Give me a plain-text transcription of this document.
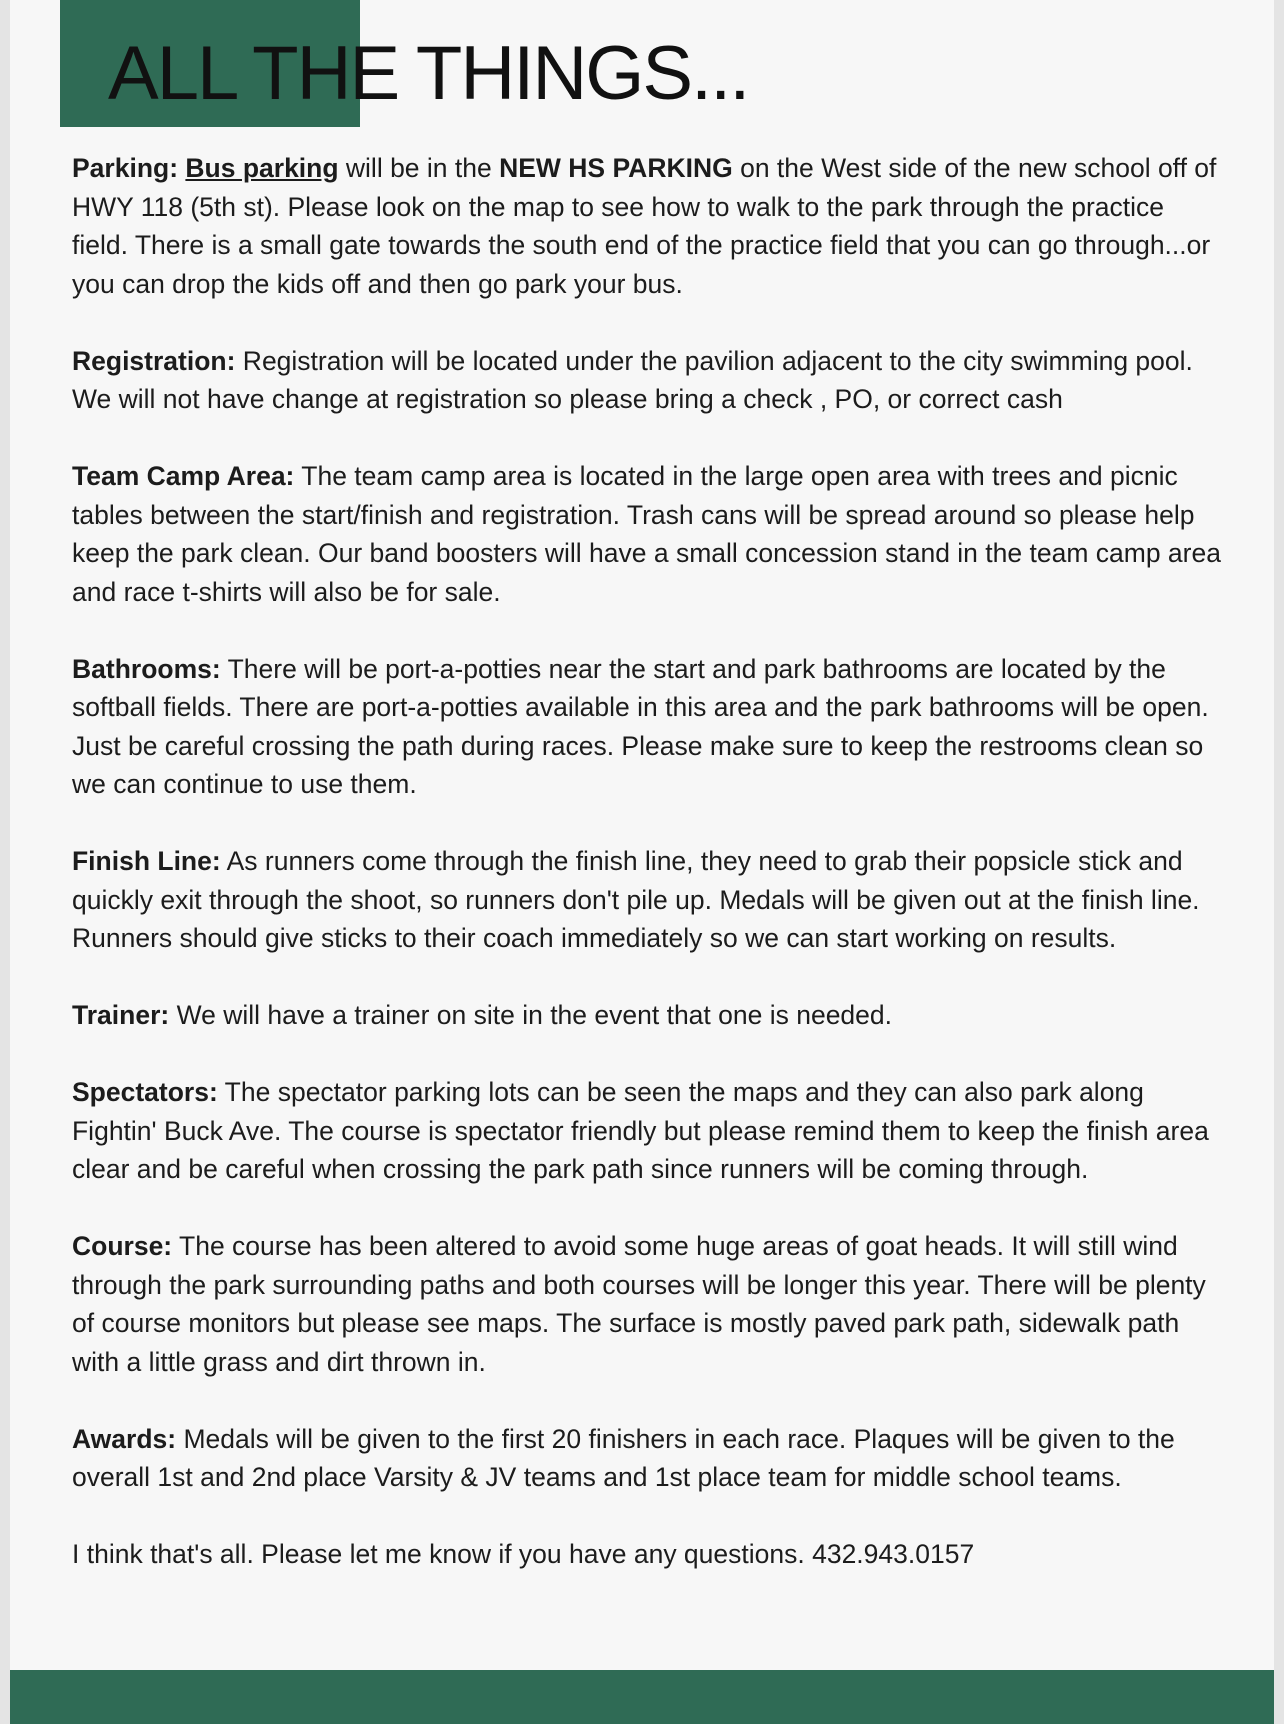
ALL THE THINGS...

Parking: Bus parking will be in the NEW HS PARKING on the West side of the new school off of HWY 118 (5th st). Please look on the map to see how to walk to the park through the practice field. There is a small gate towards the south end of the practice field that you can go through...or you can drop the kids off and then go park your bus.

Registration: Registration will be located under the pavilion adjacent to the city swimming pool. We will not have change at registration so please bring a check , PO, or correct cash

Team Camp Area: The team camp area is located in the large open area with trees and picnic tables between the start/finish and registration. Trash cans will be spread around so please help keep the park clean. Our band boosters will have a small concession stand in the team camp area and race t-shirts will also be for sale.

Bathrooms: There will be port-a-potties near the start and park bathrooms are located by the softball fields. There are port-a-potties available in this area and the park bathrooms will be open. Just be careful crossing the path during races. Please make sure to keep the restrooms clean so we can continue to use them.

Finish Line: As runners come through the finish line, they need to grab their popsicle stick and quickly exit through the shoot, so runners don't pile up. Medals will be given out at the finish line. Runners should give sticks to their coach immediately so we can start working on results.

Trainer: We will have a trainer on site in the event that one is needed.

Spectators: The spectator parking lots can be seen the maps and they can also park along Fightin' Buck Ave. The course is spectator friendly but please remind them to keep the finish area clear and be careful when crossing the park path since runners will be coming through.

Course: The course has been altered to avoid some huge areas of goat heads. It will still wind through the park surrounding paths and both courses will be longer this year. There will be plenty of course monitors but please see maps. The surface is mostly paved park path, sidewalk path with a little grass and dirt thrown in.

Awards: Medals will be given to the first 20 finishers in each race. Plaques will be given to the overall 1st and 2nd place Varsity & JV teams and 1st place team for middle school teams.

I think that's all. Please let me know if you have any questions. 432.943.0157
